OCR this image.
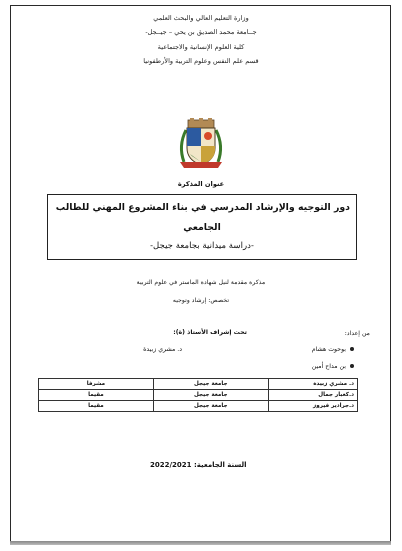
وزارة التعليم العالي والبحث العلمي
جــامعة محمد الصديق بن يحي – جيــجل-
كلية العلوم الإنسانية والاجتماعية
قسم علم النفس وعلوم التربية والأرطفونيا
عنوان المذكرة
دور التوجيه والإرشاد المدرسي في بناء المشروع المهني للطالب
الجامعي
-دراسة ميدانية بجامعة جيجل-
مذكرة مقدمة لنيل شهادة الماستر في علوم التربية
تخصص: إرشاد وتوجيه
من إعداد:
تحت إشراف الأستاذ (ة):
بوحوت هشام
بن مداح أمين
د. مشري زبيدة
د. مشري زبيدة	جامعة جيجل	مشرفا
د.كعبار جمال	جامعة جيجل	مقيما
د.جرادير فيروز	جامعة جيجل	مقيما
السنة الجامعية: 2022/2021
